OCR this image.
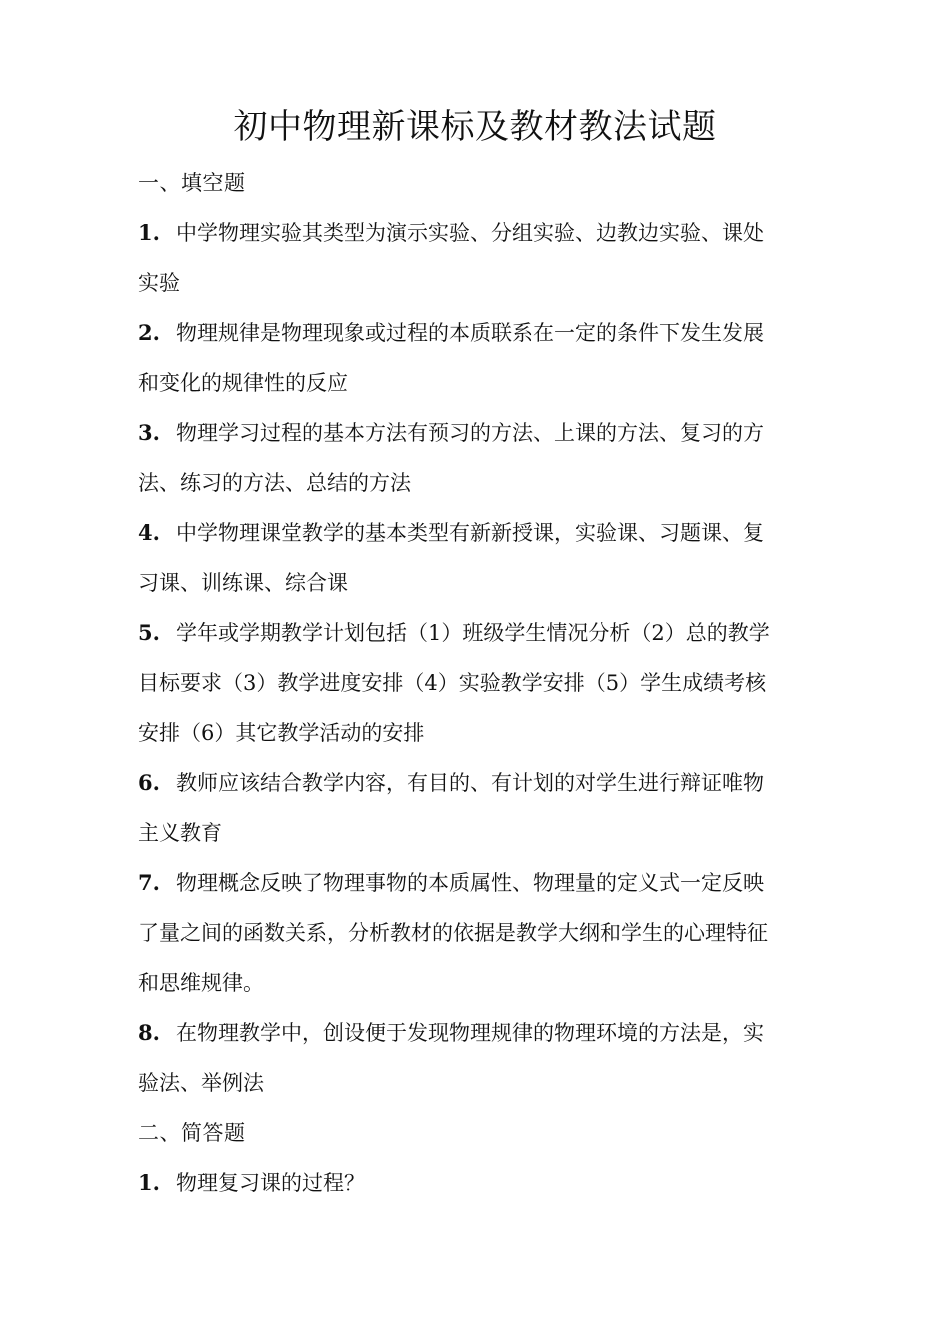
初中物理新课标及教材教法试题
一、填空题
1. 中学物理实验其类型为演示实验、分组实验、边教边实验、课处
实验
2. 物理规律是物理现象或过程的本质联系在一定的条件下发生发展
和变化的规律性的反应
3. 物理学习过程的基本方法有预习的方法、上课的方法、复习的方
法、练习的方法、总结的方法
4. 中学物理课堂教学的基本类型有新新授课，实验课、习题课、复
习课、训练课、综合课
5. 学年或学期教学计划包括（1）班级学生情况分析（2）总的教学
目标要求（3）教学进度安排（4）实验教学安排（5）学生成绩考核
安排（6）其它教学活动的安排
6. 教师应该结合教学内容，有目的、有计划的对学生进行辩证唯物
主义教育
7. 物理概念反映了物理事物的本质属性、物理量的定义式一定反映
了量之间的函数关系，分析教材的依据是教学大纲和学生的心理特征
和思维规律。
8. 在物理教学中，创设便于发现物理规律的物理环境的方法是，实
验法、举例法
二、简答题
1. 物理复习课的过程？
